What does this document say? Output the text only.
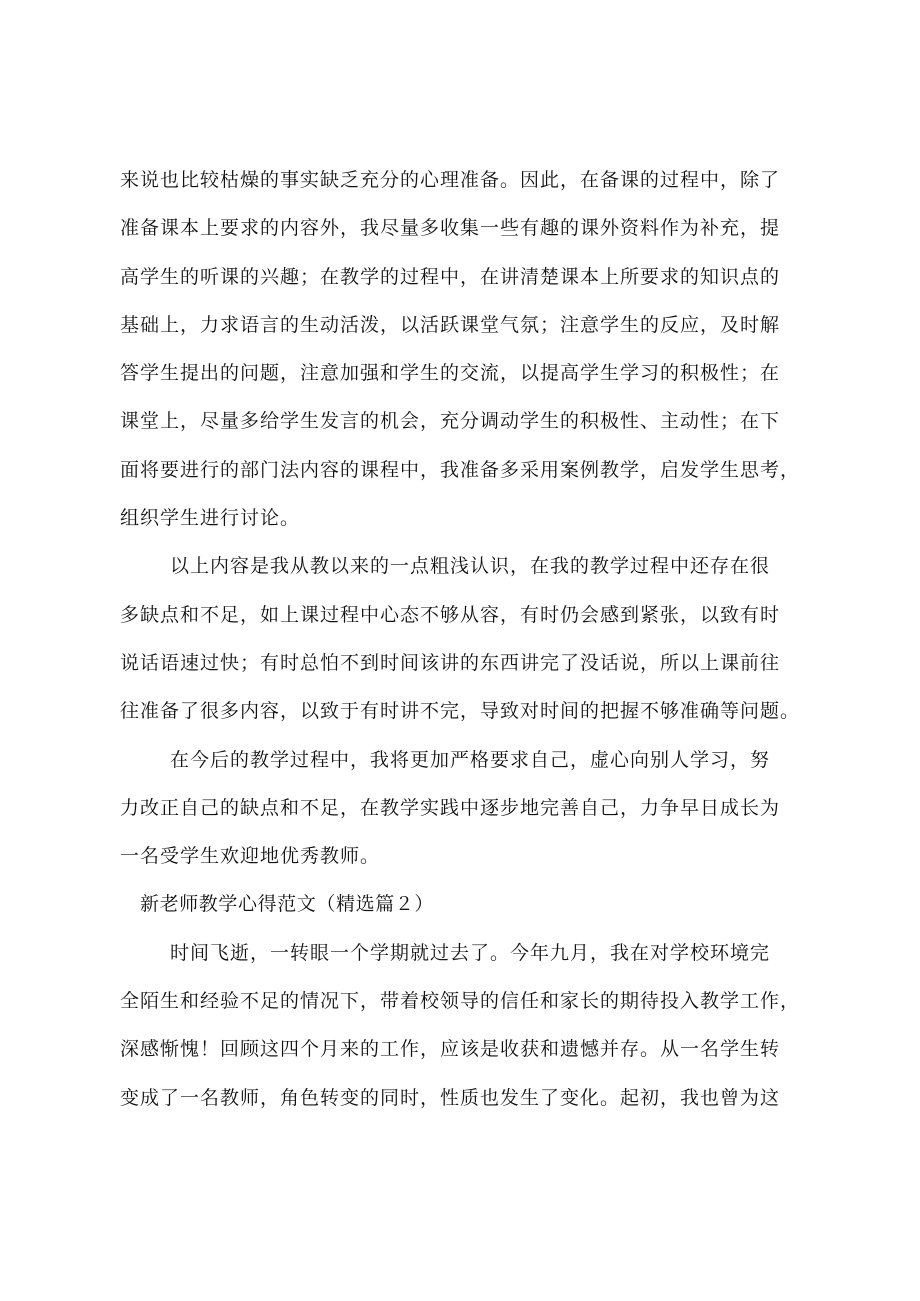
来说也比较枯燥的事实缺乏充分的心理准备。因此，在备课的过程中，除了
准备课本上要求的内容外，我尽量多收集一些有趣的课外资料作为补充，提
高学生的听课的兴趣；在教学的过程中，在讲清楚课本上所要求的知识点的
基础上，力求语言的生动活泼，以活跃课堂气氛；注意学生的反应，及时解
答学生提出的问题，注意加强和学生的交流，以提高学生学习的积极性；在
课堂上，尽量多给学生发言的机会，充分调动学生的积极性、主动性；在下
面将要进行的部门法内容的课程中，我准备多采用案例教学，启发学生思考，
组织学生进行讨论。
以上内容是我从教以来的一点粗浅认识，在我的教学过程中还存在很
多缺点和不足，如上课过程中心态不够从容，有时仍会感到紧张，以致有时
说话语速过快；有时总怕不到时间该讲的东西讲完了没话说，所以上课前往
往准备了很多内容，以致于有时讲不完，导致对时间的把握不够准确等问题。
在今后的教学过程中，我将更加严格要求自己，虚心向别人学习，努
力改正自己的缺点和不足，在教学实践中逐步地完善自己，力争早日成长为
一名受学生欢迎地优秀教师。
新老师教学心得范文（精选篇２）
时间飞逝，一转眼一个学期就过去了。今年九月，我在对学校环境完
全陌生和经验不足的情况下，带着校领导的信任和家长的期待投入教学工作，
深感惭愧！回顾这四个月来的工作，应该是收获和遗憾并存。从一名学生转
变成了一名教师，角色转变的同时，性质也发生了变化。起初，我也曾为这
